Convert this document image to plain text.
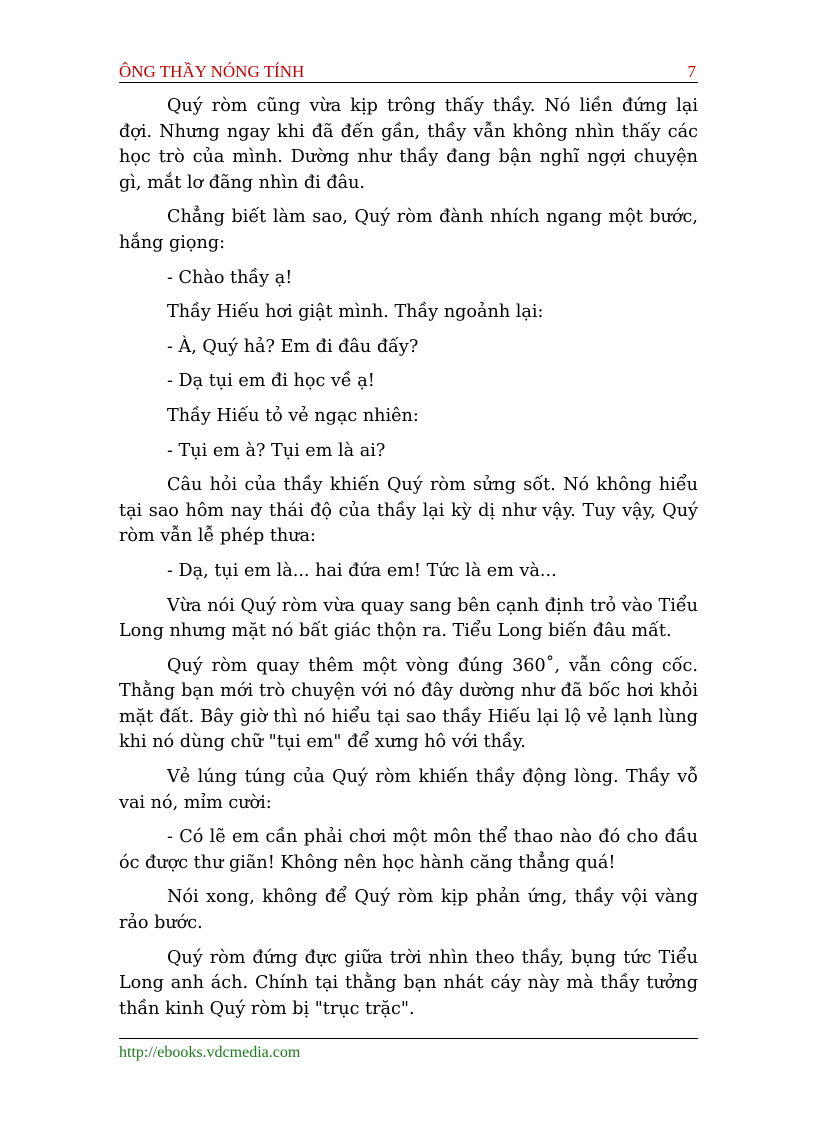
ÔNG THẦY NÓNG TÍNH	7

Quý ròm cũng vừa kịp trông thấy thầy. Nó liền đứng lại đợi. Nhưng ngay khi đã đến gần, thầy vẫn không nhìn thấy các học trò của mình. Dường như thầy đang bận nghĩ ngợi chuyện gì, mắt lơ đãng nhìn đi đâu.

Chẳng biết làm sao, Quý ròm đành nhích ngang một bước, hắng giọng:

- Chào thầy ạ!

Thầy Hiếu hơi giật mình. Thầy ngoảnh lại:

- À, Quý hả? Em đi đâu đấy?

- Dạ tụi em đi học về ạ!

Thầy Hiếu tỏ vẻ ngạc nhiên:

- Tụi em à? Tụi em là ai?

Câu hỏi của thầy khiến Quý ròm sửng sốt. Nó không hiểu tại sao hôm nay thái độ của thầy lại kỳ dị như vậy. Tuy vậy, Quý ròm vẫn lễ phép thưa:

- Dạ, tụi em là... hai đứa em! Tức là em và...

Vừa nói Quý ròm vừa quay sang bên cạnh định trỏ vào Tiểu Long nhưng mặt nó bất giác thộn ra. Tiểu Long biến đâu mất.

Quý ròm quay thêm một vòng đúng 360˚, vẫn công cốc. Thằng bạn mới trò chuyện với nó đây dường như đã bốc hơi khỏi mặt đất. Bây giờ thì nó hiểu tại sao thầy Hiếu lại lộ vẻ lạnh lùng khi nó dùng chữ "tụi em" để xưng hô với thầy.

Vẻ lúng túng của Quý ròm khiến thầy động lòng. Thầy vỗ vai nó, mỉm cười:

- Có lẽ em cần phải chơi một môn thể thao nào đó cho đầu óc được thư giãn! Không nên học hành căng thẳng quá!

Nói xong, không để Quý ròm kịp phản ứng, thầy vội vàng rảo bước.

Quý ròm đứng đực giữa trời nhìn theo thầy, bụng tức Tiểu Long anh ách. Chính tại thằng bạn nhát cáy này mà thầy tưởng thần kinh Quý ròm bị "trục trặc".

http://ebooks.vdcmedia.com
